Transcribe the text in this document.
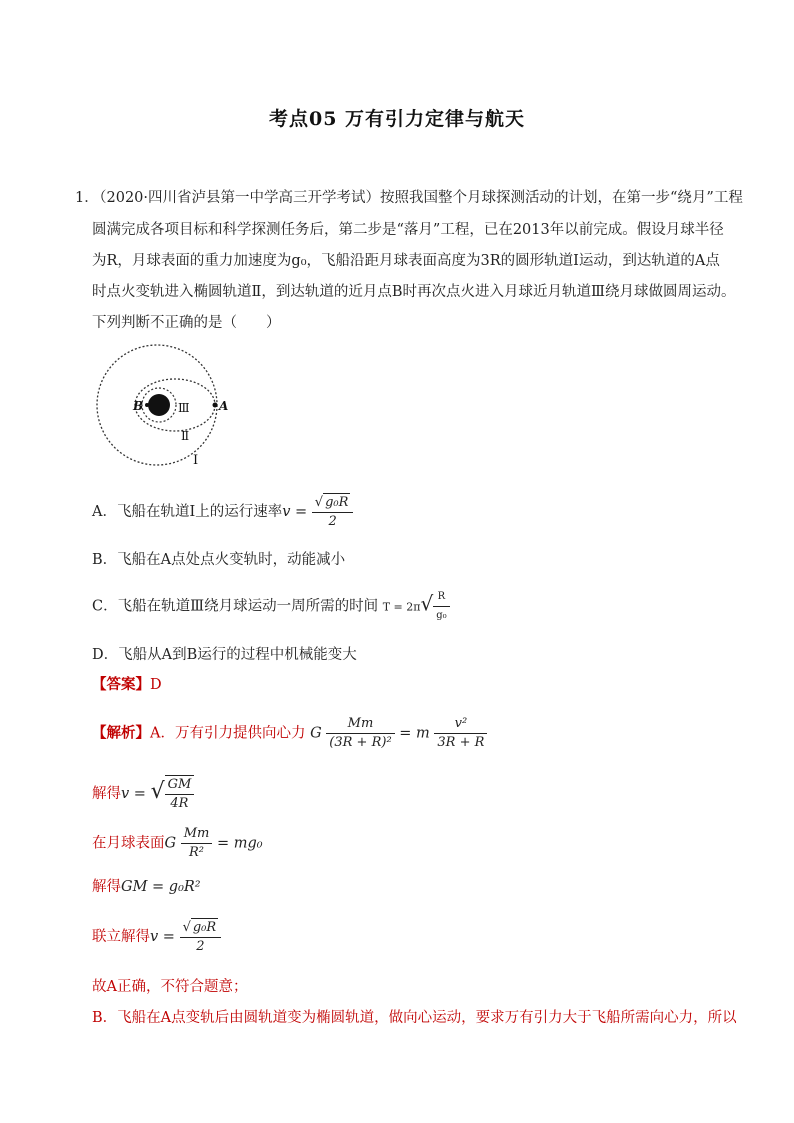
考点05 万有引力定律与航天
1．
（2020·四川省泸县第一中学高三开学考试）按照我国整个月球探测活动的计划，在第一步“绕月”工程
圆满完成各项目标和科学探测任务后，第二步是“落月”工程，已在2013年以前完成。假设月球半径
为R，月球表面的重力加速度为g₀，飞船沿距月球表面高度为3R的圆形轨道Ⅰ运动，到达轨道的A点
时点火变轨进入椭圆轨道Ⅱ，到达轨道的近月点B时再次点火进入月球近月轨道Ⅲ绕月球做圆周运动。
下列判断不正确的是（　　）
B	A
Ⅲ
Ⅱ
Ⅰ
A．飞船在轨道Ⅰ上的运行速率$v = \frac{\text{√ g₀R}}{2}$
B．飞船在A点处点火变轨时，动能减小
C．飞船在轨道Ⅲ绕月球运动一周所需的时间 $T = 2\pi√ \frac{R}{\text{g₀}}$
D．飞船从A到B运行的过程中机械能变大
【答案】D
【解析】A．万有引力提供向心力 G $\frac{Mm}{\text{(3R + R)²}} = m \frac{\text{v²}}{3R + R}$
解得v = √ $\frac{GM}{4R}$
在月球表面G $\frac{Mm}{\text{R²}} = mg_0$
解得GM = g₀R²
联立解得$v = \frac{\text{√ g₀R}}{2}$
故A正确，不符合题意；
B．飞船在A点变轨后由圆轨道变为椭圆轨道，做向心运动，要求万有引力大于飞船所需向心力，所以
